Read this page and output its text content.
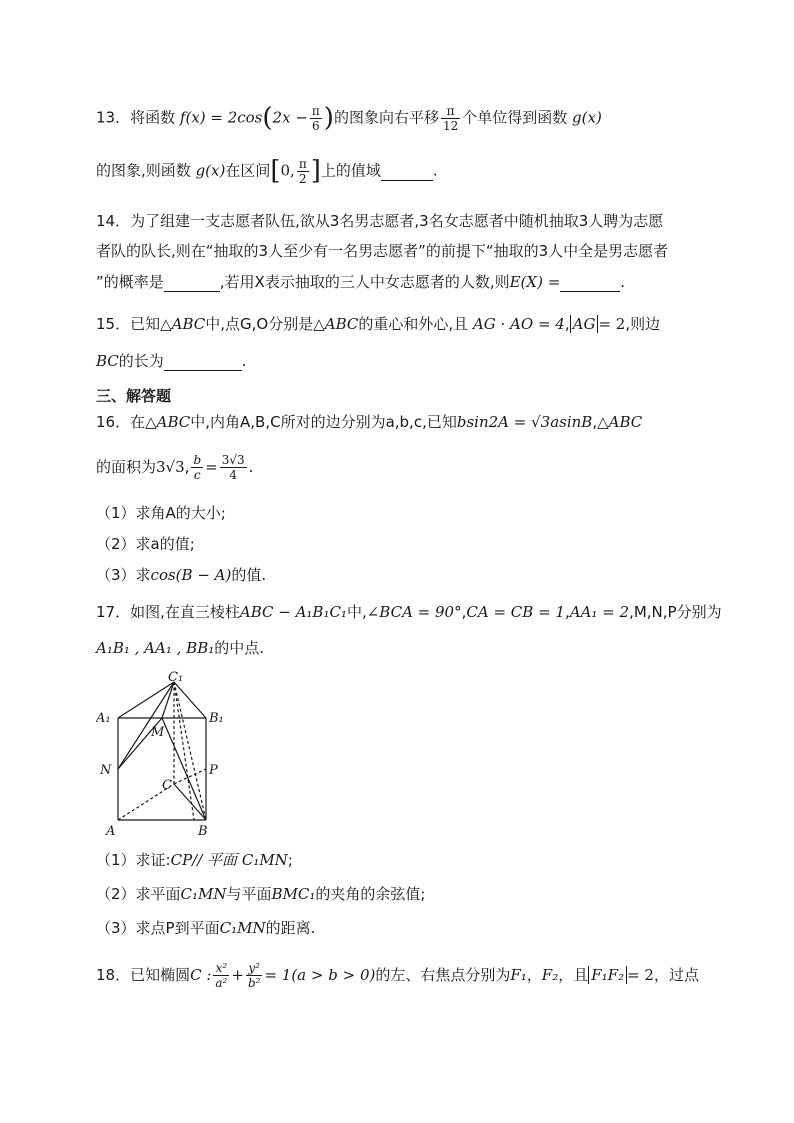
13．将函数 $f(x) = 2\cos(2x - \frac{\pi}{6}$ )的图象向右平移 $\frac{\pi}{12}$ 个单位得到函数 g(x)
的图象,则函数 g(x)在区间[0, $\frac{\pi}{2}$ ]上的值域	.
14．为了组建一支志愿者队伍,欲从3名男志愿者,3名女志愿者中随机抽取3人聘为志愿
者队的队长,则在“抽取的3人至少有一名男志愿者”的前提下“抽取的3人中全是男志愿者
”的概率是	,若用X表示抽取的三人中女志愿者的人数,则E(X) =	.
15．已知△ABC中,点G,O分别是△ABC的重心和外心,且 AG · AO = 4, AG = 2,则边
BC的长为	.
三、解答题
16．在△ABC中,内角A,B,C所对的边分别为a,b,c,已知bsin2A = √3asinB,△ABC
的面积为3√3, $\frac{b}{c} = \frac{3√3}{4}$ .
（1）求角A的大小;
（2）求a的值;
（3）求cos(B − A)的值.
17．如图,在直三棱柱ABC − A₁B₁C₁中,∠BCA = 90°,CA = CB = 1,AA₁ = 2,M,N,P分别为
A₁B₁ , AA₁ , BB₁的中点.
C₁
A₁	B₁
M
N	P
C
A	B
（1）求证:CP// 平面 C₁MN;
（2）求平面C₁MN与平面BMC₁的夹角的余弦值;
（3）求点P到平面C₁MN的距离.
18．已知椭圆C : $\frac{\text{x²}}{\text{a²}} + \frac{\text{y²}}{\text{b²}} = 1(a > b > 0)$的左、右焦点分别为F₁，F₂，且 F₁F₂ = 2，过点
